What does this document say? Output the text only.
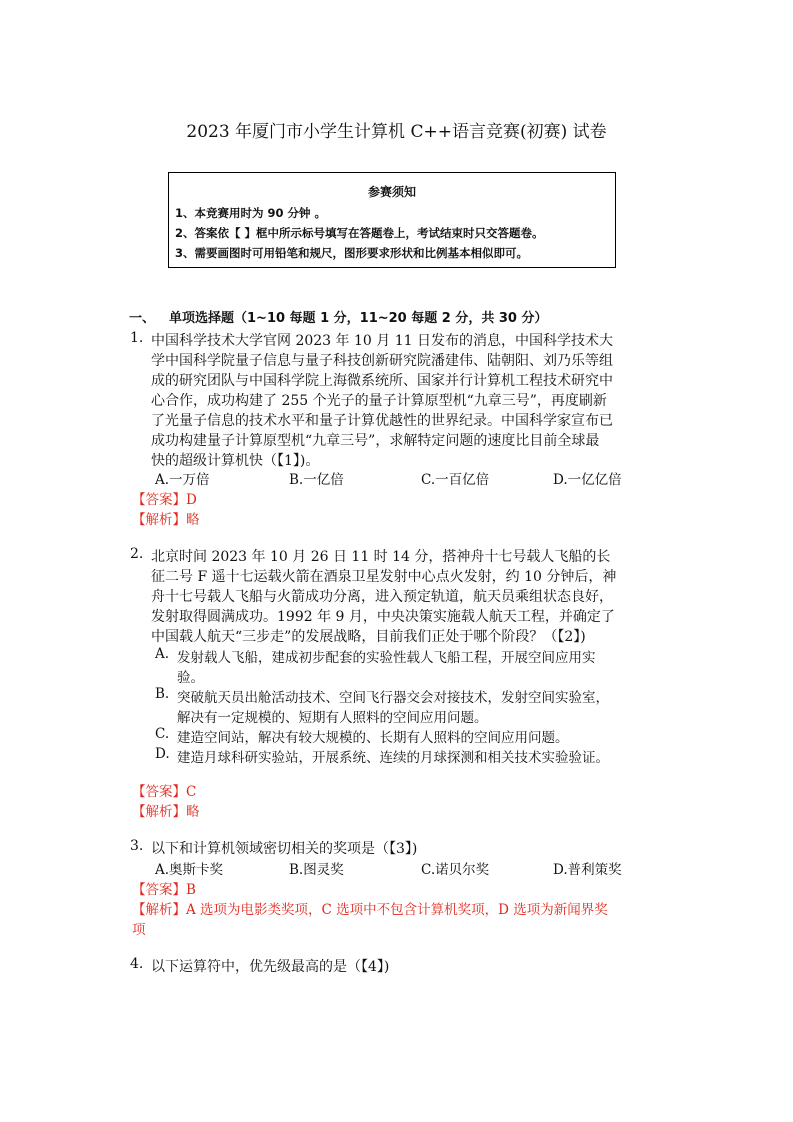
2023 年厦门市小学生计算机 C++语言竞赛(初赛) 试卷
参赛须知
1、本竞赛用时为 90 分钟 。
2、答案依【 】框中所示标号填写在答题卷上，考试结束时只交答题卷。
3、需要画图时可用铅笔和规尺，图形要求形状和比例基本相似即可。
一、 单项选择题（1~10 每题 1 分，11~20 每题 2 分，共 30 分）
1. 中国科学技术大学官网 2023 年 10 月 11 日发布的消息，中国科学技术大
学中国科学院量子信息与量子科技创新研究院潘建伟、陆朝阳、刘乃乐等组
成的研究团队与中国科学院上海微系统所、国家并行计算机工程技术研究中
心合作，成功构建了 255 个光子的量子计算原型机“九章三号”，再度刷新
了光量子信息的技术水平和量子计算优越性的世界纪录。中国科学家宣布已
成功构建量子计算原型机“九章三号”，求解特定问题的速度比目前全球最
快的超级计算机快（【1】)。
A.一万倍	B.一亿倍	C.一百亿倍	D.一亿亿倍
【答案】D
【解析】略
2. 北京时间 2023 年 10 月 26 日 11 时 14 分，搭神舟十七号载人飞船的长
征二号 F 遥十七运载火箭在酒泉卫星发射中心点火发射，约 10 分钟后，神
舟十七号载人飞船与火箭成功分离，进入预定轨道，航天员乘组状态良好，
发射取得圆满成功。1992 年 9 月，中央决策实施载人航天工程，并确定了
中国载人航天“三步走”的发展战略，目前我们正处于哪个阶段？（【2】)
A. 发射载人飞船，建成初步配套的实验性载人飞船工程，开展空间应用实
验。
B. 突破航天员出舱活动技术、空间飞行器交会对接技术，发射空间实验室，
解决有一定规模的、短期有人照料的空间应用问题。
C. 建造空间站，解决有较大规模的、长期有人照料的空间应用问题。
D. 建造月球科研实验站，开展系统、连续的月球探测和相关技术实验验证。
【答案】C
【解析】略
3. 以下和计算机领域密切相关的奖项是（【3】)
A.奥斯卡奖	B.图灵奖	C.诺贝尔奖	D.普利策奖
【答案】B
【解析】A 选项为电影类奖项，C 选项中不包含计算机奖项，D 选项为新闻界奖
项
4. 以下运算符中，优先级最高的是（【4】)
